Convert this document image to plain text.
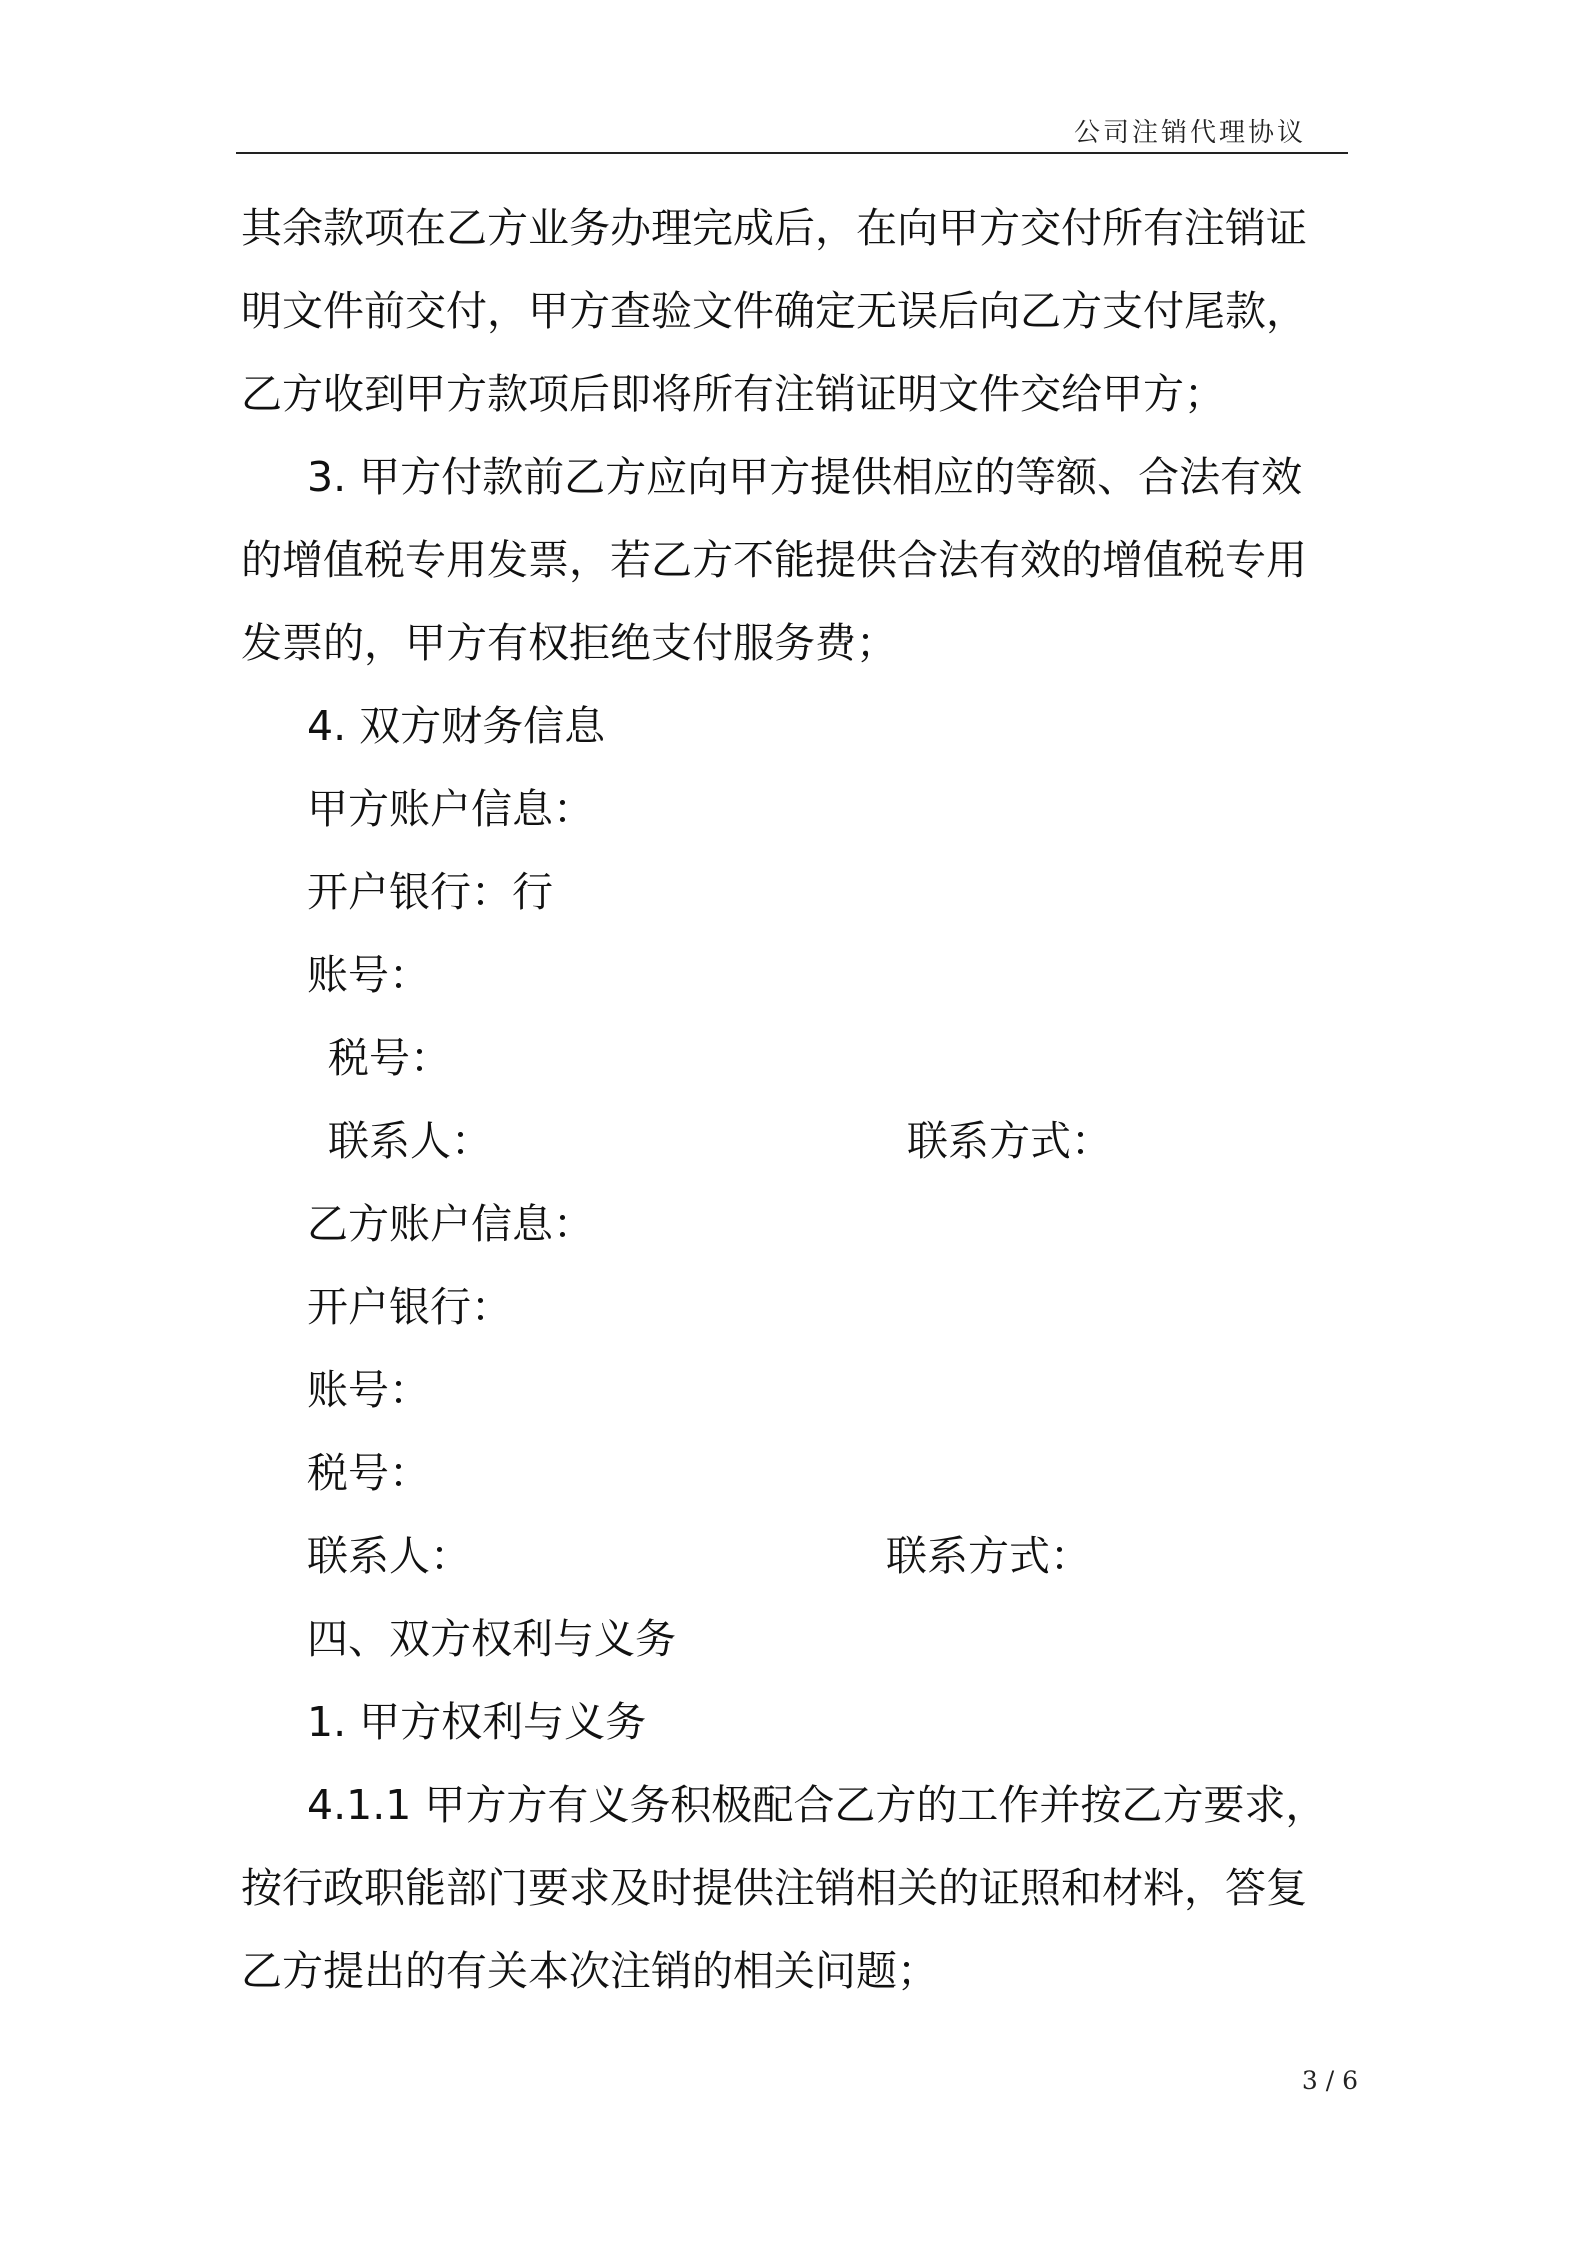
公司注销代理协议
其余款项在乙方业务办理完成后，在向甲方交付所有注销证
明文件前交付，甲方查验文件确定无误后向乙方支付尾款，
乙方收到甲方款项后即将所有注销证明文件交给甲方；
3. 甲方付款前乙方应向甲方提供相应的等额、合法有效
的增值税专用发票，若乙方不能提供合法有效的增值税专用
发票的，甲方有权拒绝支付服务费；
4. 双方财务信息
甲方账户信息：
开户银行：行
账号：
税号：
联系人：	联系方式：
乙方账户信息：
开户银行：
账号：
税号：
联系人：	联系方式：
四、双方权利与义务
1. 甲方权利与义务
4.1.1 甲方方有义务积极配合乙方的工作并按乙方要求，
按行政职能部门要求及时提供注销相关的证照和材料，答复
乙方提出的有关本次注销的相关问题；
3 / 6
